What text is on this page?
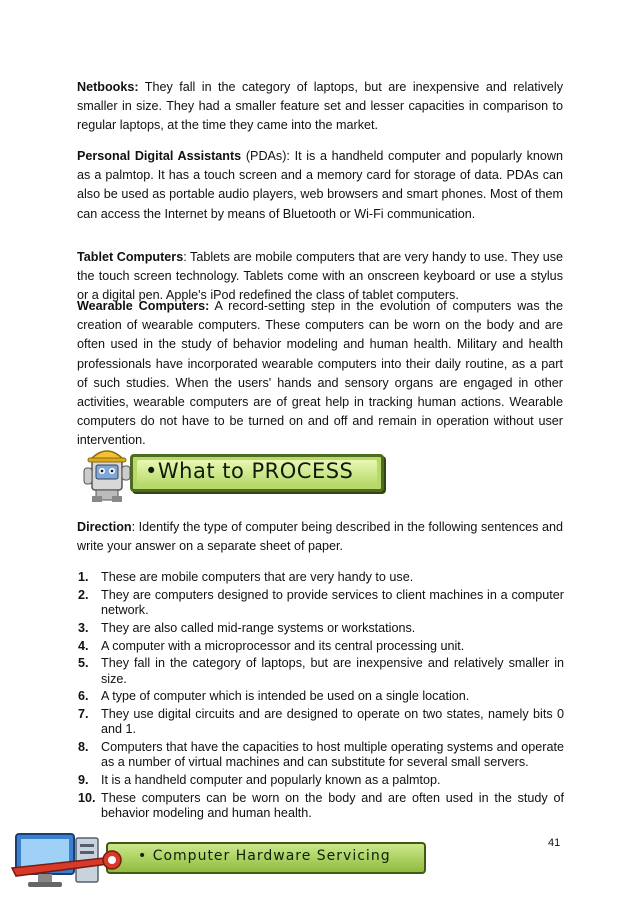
Netbooks: They fall in the category of laptops, but are inexpensive and relatively smaller in size. They had a smaller feature set and lesser capacities in comparison to regular laptops, at the time they came into the market.

Personal Digital Assistants (PDAs): It is a handheld computer and popularly known as a palmtop. It has a touch screen and a memory card for storage of data. PDAs can also be used as portable audio players, web browsers and smart phones. Most of them can access the Internet by means of Bluetooth or Wi-Fi communication.

Tablet Computers: Tablets are mobile computers that are very handy to use. They use the touch screen technology. Tablets come with an onscreen keyboard or use a stylus or a digital pen. Apple's iPod redefined the class of tablet computers.

Wearable Computers: A record-setting step in the evolution of computers was the creation of wearable computers. These computers can be worn on the body and are often used in the study of behavior modeling and human health. Military and health professionals have incorporated wearable computers into their daily routine, as a part of such studies. When the users' hands and sensory organs are engaged in other activities, wearable computers are of great help in tracking human actions. Wearable computers do not have to be turned on and off and remain in operation without user intervention.

•What to PROCESS

Direction: Identify the type of computer being described in the following sentences and write your answer on a separate sheet of paper.

1. These are mobile computers that are very handy to use.
2. They are computers designed to provide services to client machines in a computer network.
3. They are also called mid-range systems or workstations.
4. A computer with a microprocessor and its central processing unit.
5. They fall in the category of laptops, but are inexpensive and relatively smaller in size.
6. A type of computer which is intended be used on a single location.
7. They use digital circuits and are designed to operate on two states, namely bits 0 and 1.
8. Computers that have the capacities to host multiple operating systems and operate as a number of virtual machines and can substitute for several small servers.
9. It is a handheld computer and popularly known as a palmtop.
10. These computers can be worn on the body and are often used in the study of behavior modeling and human health.
41
• Computer Hardware Servicing
